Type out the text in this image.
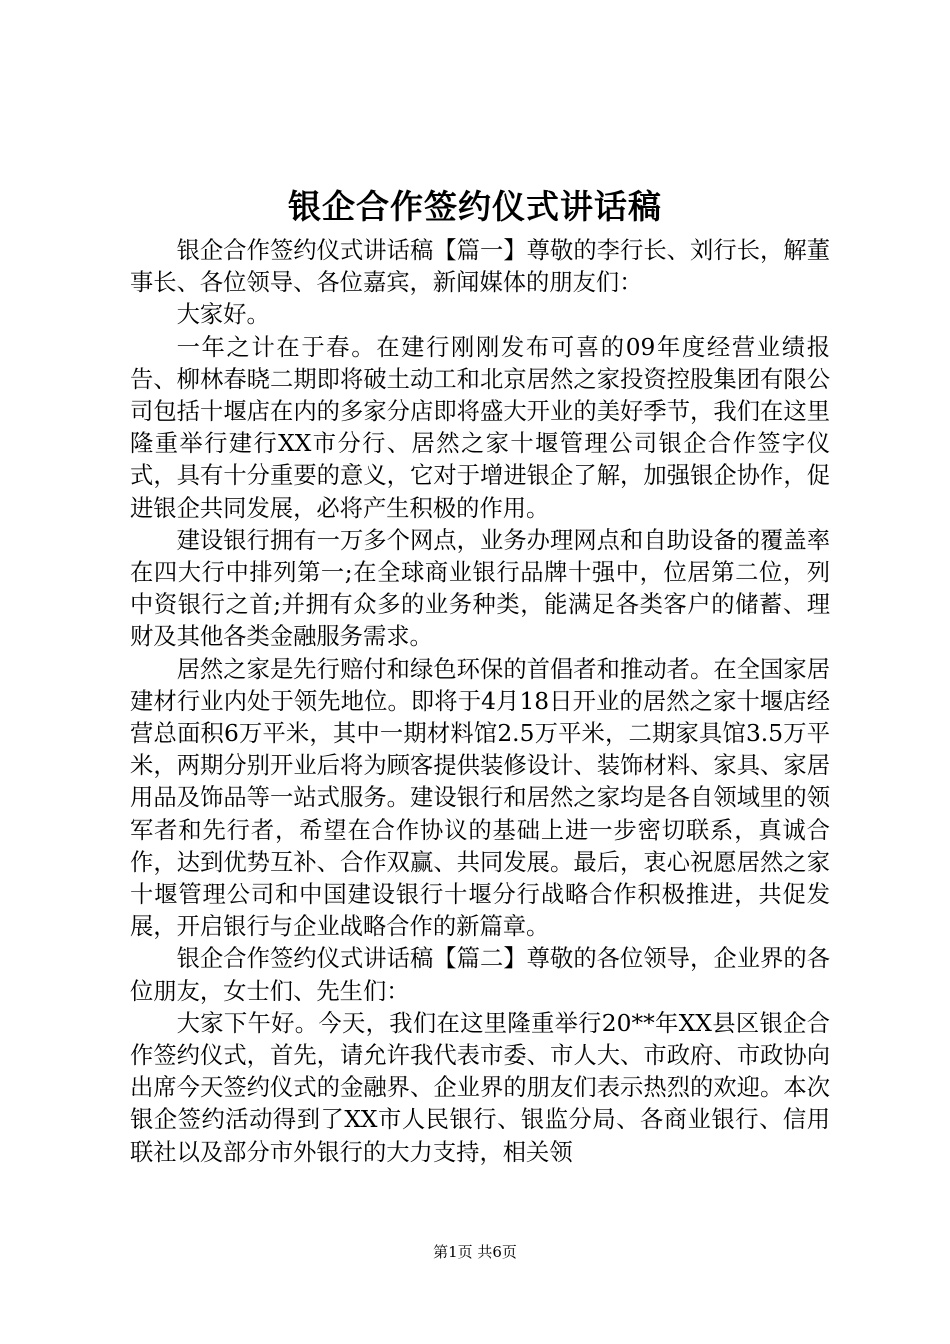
银企合作签约仪式讲话稿

银企合作签约仪式讲话稿【篇一】尊敬的李行长、刘行长，解董事长、各位领导、各位嘉宾，新闻媒体的朋友们：

大家好。

一年之计在于春。在建行刚刚发布可喜的09年度经营业绩报告、柳林春晓二期即将破土动工和北京居然之家投资控股集团有限公司包括十堰店在内的多家分店即将盛大开业的美好季节，我们在这里隆重举行建行XX市分行、居然之家十堰管理公司银企合作签字仪式，具有十分重要的意义，它对于增进银企了解，加强银企协作，促进银企共同发展，必将产生积极的作用。

建设银行拥有一万多个网点，业务办理网点和自助设备的覆盖率在四大行中排列第一;在全球商业银行品牌十强中，位居第二位，列中资银行之首;并拥有众多的业务种类，能满足各类客户的储蓄、理财及其他各类金融服务需求。

居然之家是先行赔付和绿色环保的首倡者和推动者。在全国家居建材行业内处于领先地位。即将于4月18日开业的居然之家十堰店经营总面积6万平米，其中一期材料馆2.5万平米，二期家具馆3.5万平米，两期分别开业后将为顾客提供装修设计、装饰材料、家具、家居用品及饰品等一站式服务。建设银行和居然之家均是各自领域里的领军者和先行者，希望在合作协议的基础上进一步密切联系，真诚合作，达到优势互补、合作双赢、共同发展。最后，衷心祝愿居然之家十堰管理公司和中国建设银行十堰分行战略合作积极推进，共促发展，开启银行与企业战略合作的新篇章。

银企合作签约仪式讲话稿【篇二】尊敬的各位领导，企业界的各位朋友，女士们、先生们：

大家下午好。今天，我们在这里隆重举行20**年XX县区银企合作签约仪式，首先，请允许我代表市委、市人大、市政府、市政协向出席今天签约仪式的金融界、企业界的朋友们表示热烈的欢迎。本次银企签约活动得到了XX市人民银行、银监分局、各商业银行、信用联社以及部分市外银行的大力支持，相关领

第1页 共6页
